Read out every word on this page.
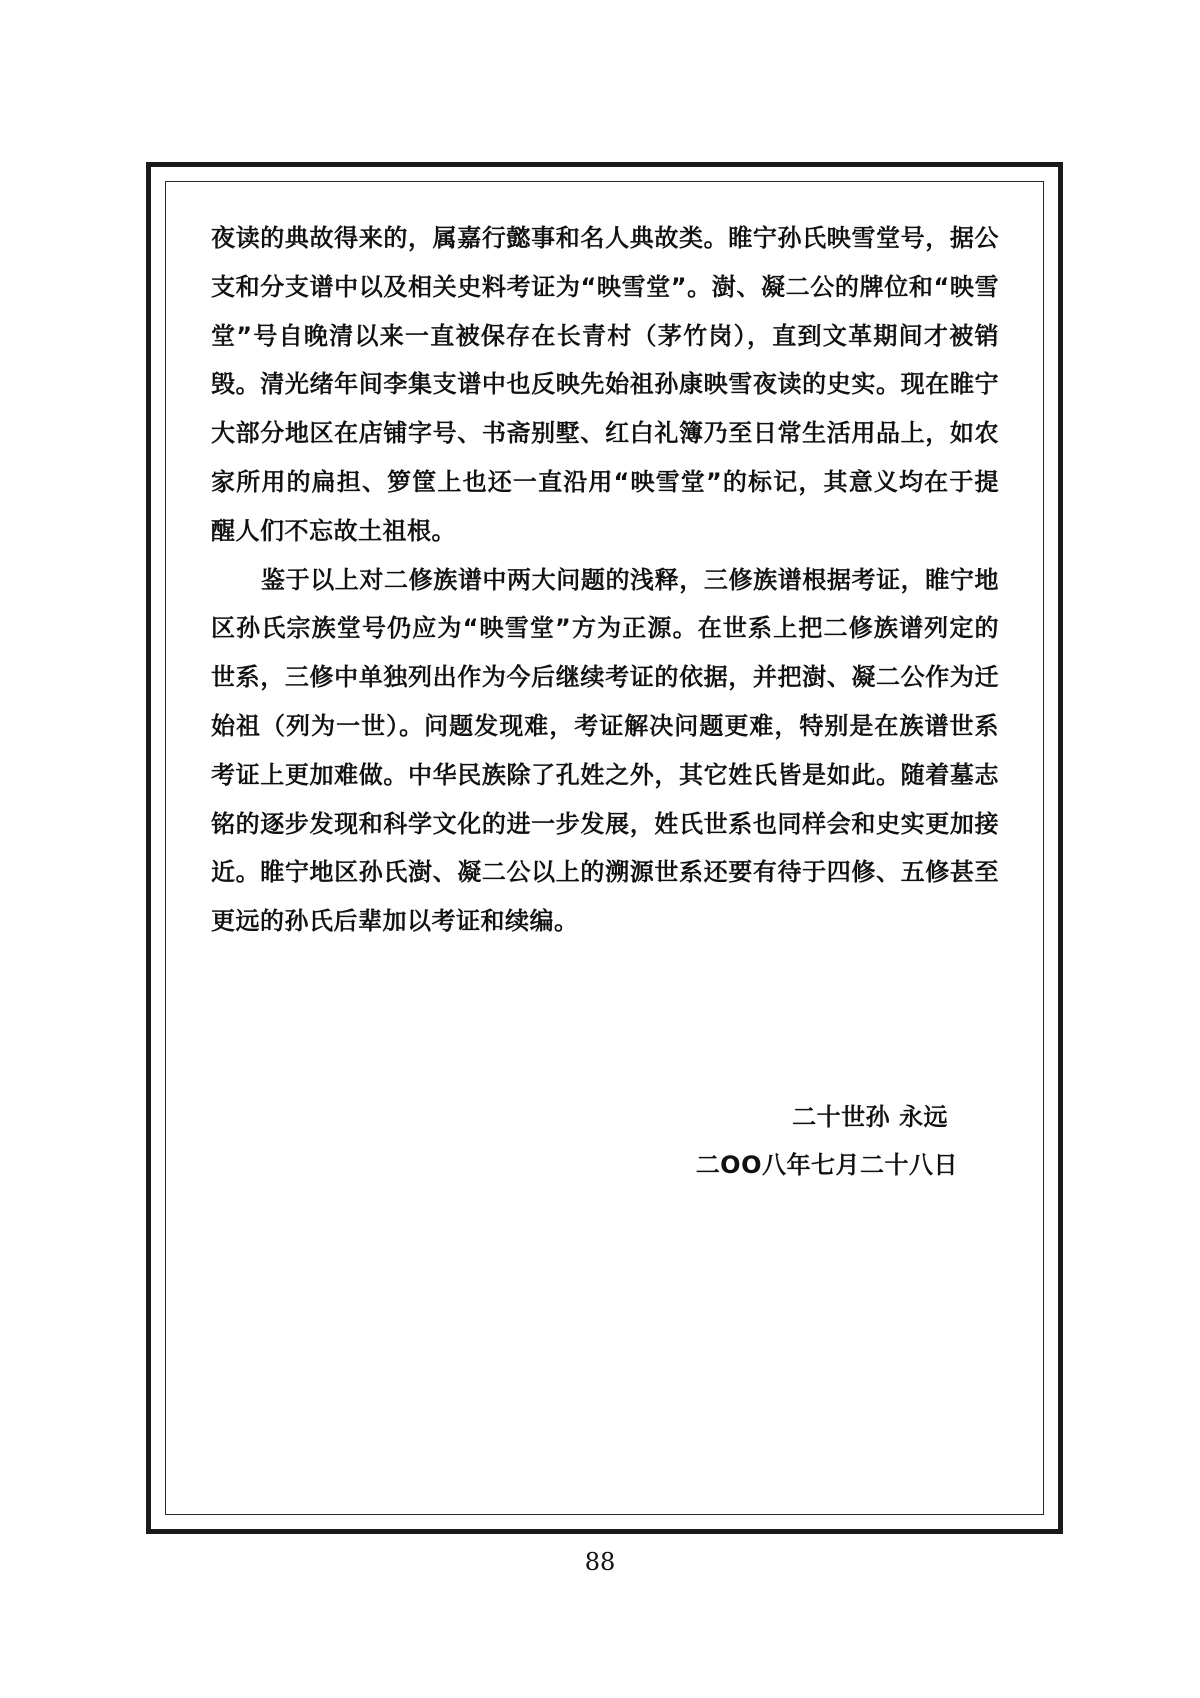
夜读的典故得来的，属嘉行懿事和名人典故类。睢宁孙氏映雪堂号，据公支和分支谱中以及相关史料考证为“映雪堂”。澍、凝二公的牌位和“映雪堂”号自晚清以来一直被保存在长青村（茅竹岗），直到文革期间才被销毁。清光绪年间李集支谱中也反映先始祖孙康映雪夜读的史实。现在睢宁大部分地区在店铺字号、书斋别墅、红白礼簿乃至日常生活用品上，如农家所用的扁担、箩筐上也还一直沿用“映雪堂”的标记，其意义均在于提醒人们不忘故土祖根。

鉴于以上对二修族谱中两大问题的浅释，三修族谱根据考证，睢宁地区孙氏宗族堂号仍应为“映雪堂”方为正源。在世系上把二修族谱列定的世系，三修中单独列出作为今后继续考证的依据，并把澍、凝二公作为迁始祖（列为一世）。问题发现难，考证解决问题更难，特别是在族谱世系考证上更加难做。中华民族除了孔姓之外，其它姓氏皆是如此。随着墓志铭的逐步发现和科学文化的进一步发展，姓氏世系也同样会和史实更加接近。睢宁地区孙氏澍、凝二公以上的溯源世系还要有待于四修、五修甚至更远的孙氏后辈加以考证和续编。

二十世孙 永远
二OO八年七月二十八日
88
